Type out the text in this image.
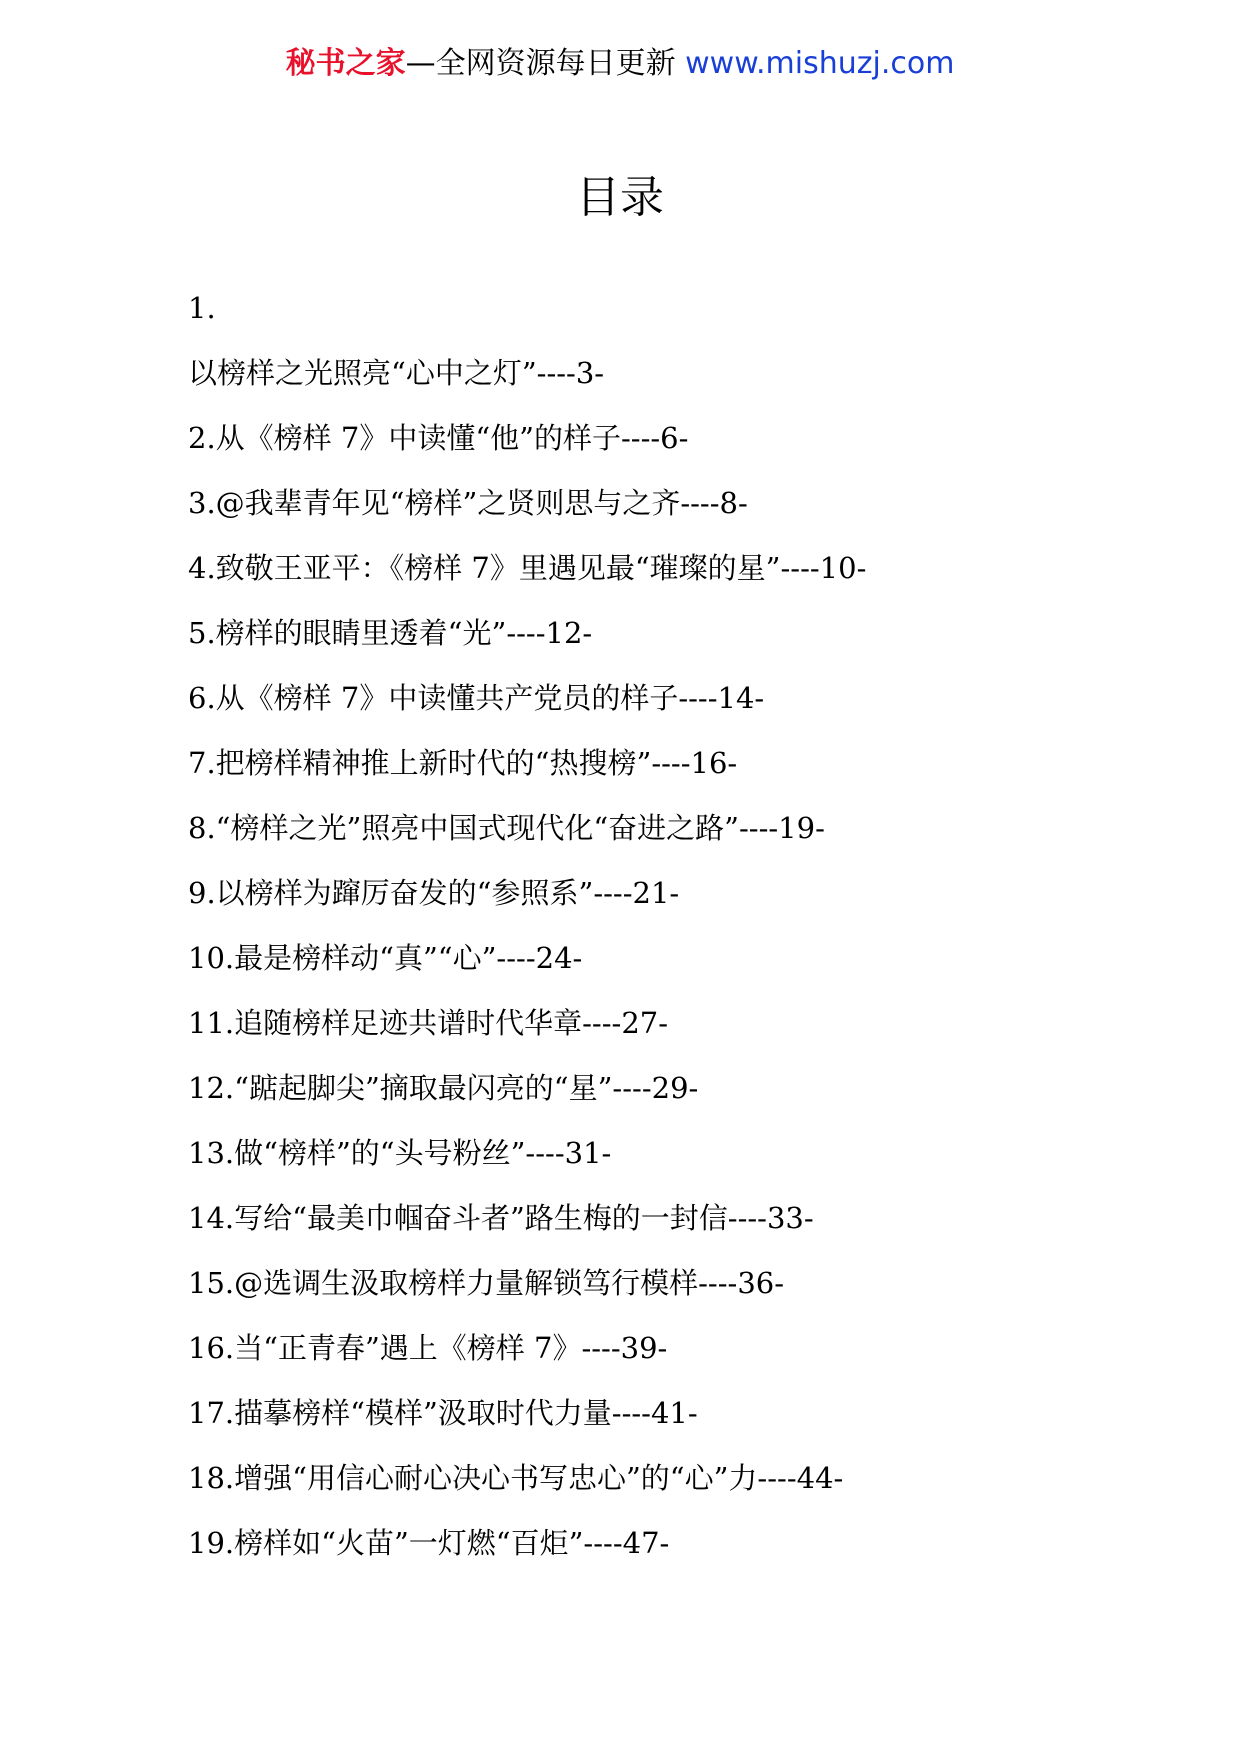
秘书之家—全网资源每日更新 www.mishuzj.com
目录
1.
以榜样之光照亮“心中之灯”----3-
2.从《榜样 7》中读懂“他”的样子----6-
3.@我辈青年见“榜样”之贤则思与之齐----8-
4.致敬王亚平：《榜样 7》里遇见最“璀璨的星”----10-
5.榜样的眼睛里透着“光”----12-
6.从《榜样 7》中读懂共产党员的样子----14-
7.把榜样精神推上新时代的“热搜榜”----16-
8.“榜样之光”照亮中国式现代化“奋进之路”----19-
9.以榜样为蹿厉奋发的“参照系”----21-
10.最是榜样动“真”“心”----24-
11.追随榜样足迹共谱时代华章----27-
12.“踮起脚尖”摘取最闪亮的“星”----29-
13.做“榜样”的“头号粉丝”----31-
14.写给“最美巾帼奋斗者”路生梅的一封信----33-
15.@选调生汲取榜样力量解锁笃行模样----36-
16.当“正青春”遇上《榜样 7》----39-
17.描摹榜样“模样”汲取时代力量----41-
18.增强“用信心耐心决心书写忠心”的“心”力----44-
19.榜样如“火苗”一灯燃“百炬”----47-
